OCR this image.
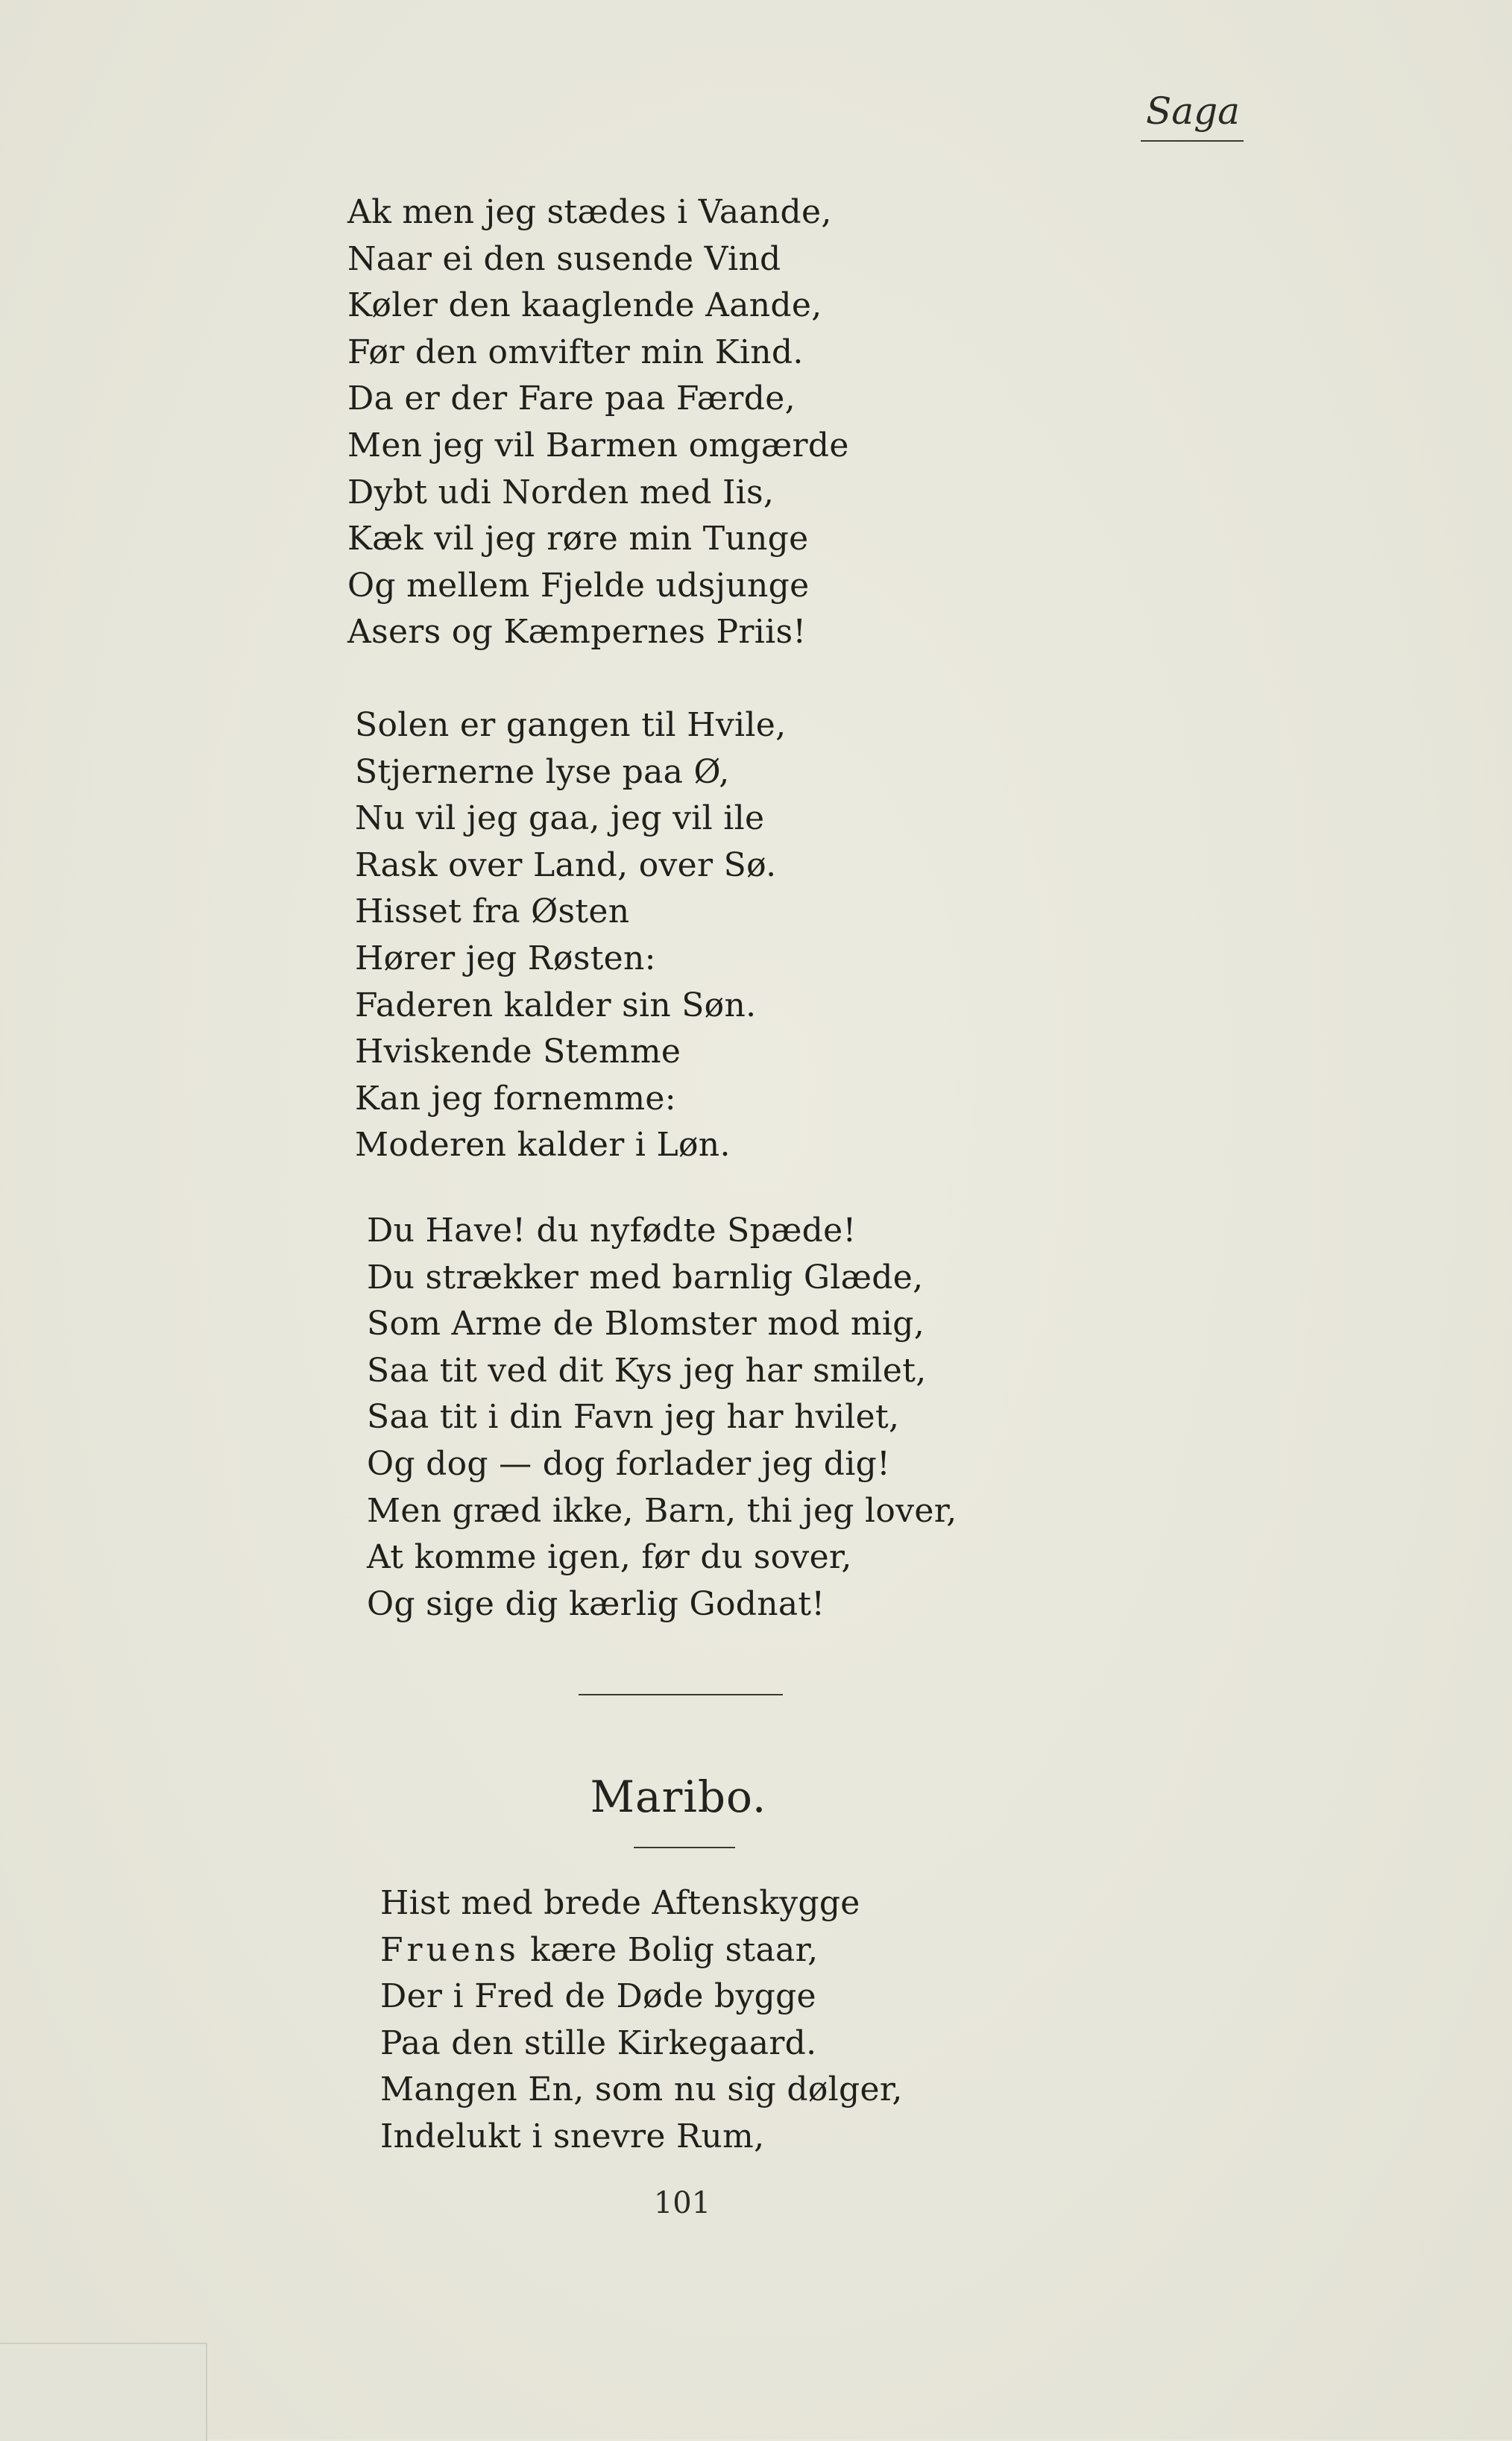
Saga
Ak men jeg stædes i Vaande,
Naar ei den susende Vind
Køler den kaaglende Aande,
Før den omvifter min Kind.
Da er der Fare paa Færde,
Men jeg vil Barmen omgærde
Dybt udi Norden med Iis,
Kæk vil jeg røre min Tunge
Og mellem Fjelde udsjunge
Asers og Kæmpernes Priis!
Solen er gangen til Hvile,
Stjernerne lyse paa Ø,
Nu vil jeg gaa, jeg vil ile
Rask over Land, over Sø.
Hisset fra Østen
Hører jeg Røsten:
Faderen kalder sin Søn.
Hviskende Stemme
Kan jeg fornemme:
Moderen kalder i Løn.
Du Have! du nyfødte Spæde!
Du strækker med barnlig Glæde,
Som Arme de Blomster mod mig,
Saa tit ved dit Kys jeg har smilet,
Saa tit i din Favn jeg har hvilet,
Og dog — dog forlader jeg dig!
Men græd ikke, Barn, thi jeg lover,
At komme igen, før du sover,
Og sige dig kærlig Godnat!
Maribo.
Hist med brede Aftenskygge
Fruens kære Bolig staar,
Der i Fred de Døde bygge
Paa den stille Kirkegaard.
Mangen En, som nu sig dølger,
Indelukt i snevre Rum,
101
